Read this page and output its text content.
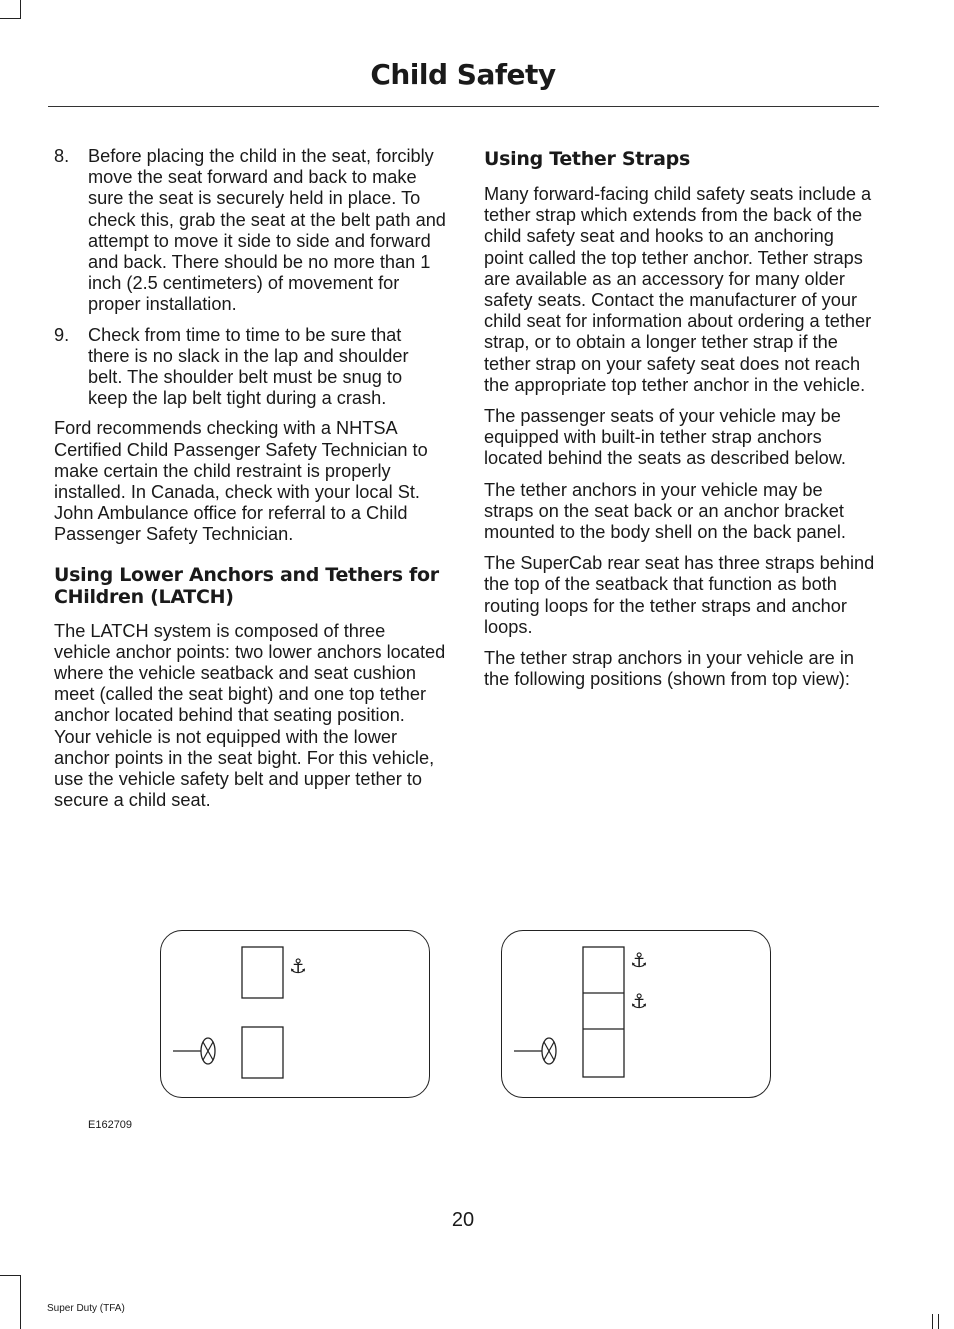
Child Safety
8.	Before placing the child in the seat, forcibly move the seat forward and back to make sure the seat is securely held in place. To check this, grab the seat at the belt path and attempt to move it side to side and forward and back. There should be no more than 1 inch (2.5 centimeters) of movement for proper installation.
9.	Check from time to time to be sure that there is no slack in the lap and shoulder belt. The shoulder belt must be snug to keep the lap belt tight during a crash.

Ford recommends checking with a NHTSA Certified Child Passenger Safety Technician to make certain the child restraint is properly installed. In Canada, check with your local St. John Ambulance office for referral to a Child Passenger Safety Technician.

Using Lower Anchors and Tethers for CHildren (LATCH)

The LATCH system is composed of three vehicle anchor points: two lower anchors located where the vehicle seatback and seat cushion meet (called the seat bight) and one top tether anchor located behind that seating position. Your vehicle is not equipped with the lower anchor points in the seat bight. For this vehicle, use the vehicle safety belt and upper tether to secure a child seat.

Using Tether Straps

Many forward-facing child safety seats include a tether strap which extends from the back of the child safety seat and hooks to an anchoring point called the top tether anchor. Tether straps are available as an accessory for many older safety seats. Contact the manufacturer of your child seat for information about ordering a tether strap, or to obtain a longer tether strap if the tether strap on your safety seat does not reach the appropriate top tether anchor in the vehicle.

The passenger seats of your vehicle may be equipped with built-in tether strap anchors located behind the seats as described below.

The tether anchors in your vehicle may be straps on the seat back or an anchor bracket mounted to the body shell on the back panel.

The SuperCab rear seat has three straps behind the top of the seatback that function as both routing loops for the tether straps and anchor loops.

The tether strap anchors in your vehicle are in the following positions (shown from top view):

⚓	⚓
⚓
E162709
20
Super Duty (TFA)
